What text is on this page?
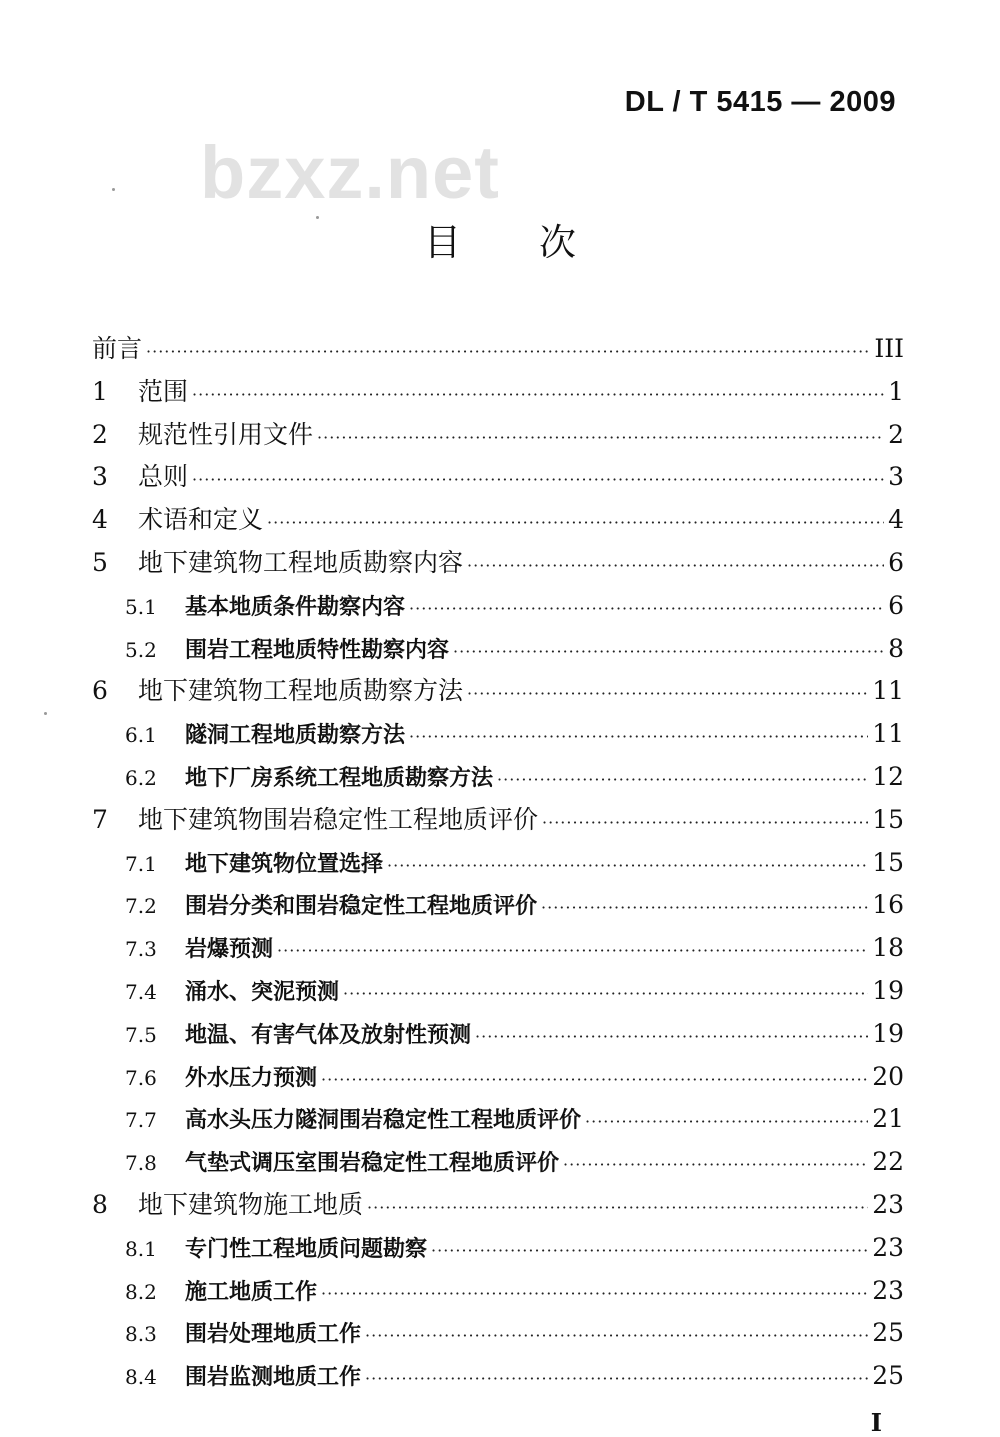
DL / T 5415 — 2009
bzxz.net
目次
前言 ·····	III
1	范围 ·····	1
2	规范性引用文件 ·····	2
3	总则 ·····	3
4	术语和定义 ·····	4
5	地下建筑物工程地质勘察内容 ·····	6
5.1	基本地质条件勘察内容 ·····	6
5.2	围岩工程地质特性勘察内容 ·····	8
6	地下建筑物工程地质勘察方法 ·····	11
6.1	隧洞工程地质勘察方法 ·····	11
6.2	地下厂房系统工程地质勘察方法 ·····	12
7	地下建筑物围岩稳定性工程地质评价 ·····	15
7.1	地下建筑物位置选择 ·····	15
7.2	围岩分类和围岩稳定性工程地质评价 ·····	16
7.3	岩爆预测 ·····	18
7.4	涌水、突泥预测 ·····	19
7.5	地温、有害气体及放射性预测 ·····	19
7.6	外水压力预测 ·····	20
7.7	高水头压力隧洞围岩稳定性工程地质评价 ·····	21
7.8	气垫式调压室围岩稳定性工程地质评价 ·····	22
8	地下建筑物施工地质 ·····	23
8.1	专门性工程地质问题勘察 ·····	23
8.2	施工地质工作 ·····	23
8.3	围岩处理地质工作 ·····	25
8.4	围岩监测地质工作 ·····	25
I
